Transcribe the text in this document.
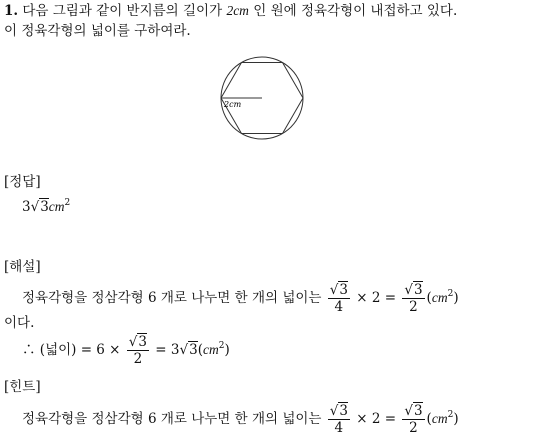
1. 다음 그림과 같이 반지름의 길이가 2cm 인 원에 정육각형이 내접하고 있다.
이 정육각형의 넓이를 구하여라.
2cm
[정답]
$3√3cm^2$
[해설]
정육각형을 정삼각형 6 개로 나누면 한 개의 넓이는 $\frac{√3}{4} \times 2 = \frac{√3}{2} (cm^2)$
이다.
∴ (넓이) = $6 \times \frac{√3}{2} = 3√3(cm^2)$
[힌트]
정육각형을 정삼각형 6 개로 나누면 한 개의 넓이는 $\frac{√3}{4} \times 2 = \frac{√3}{2} (cm^2)$
